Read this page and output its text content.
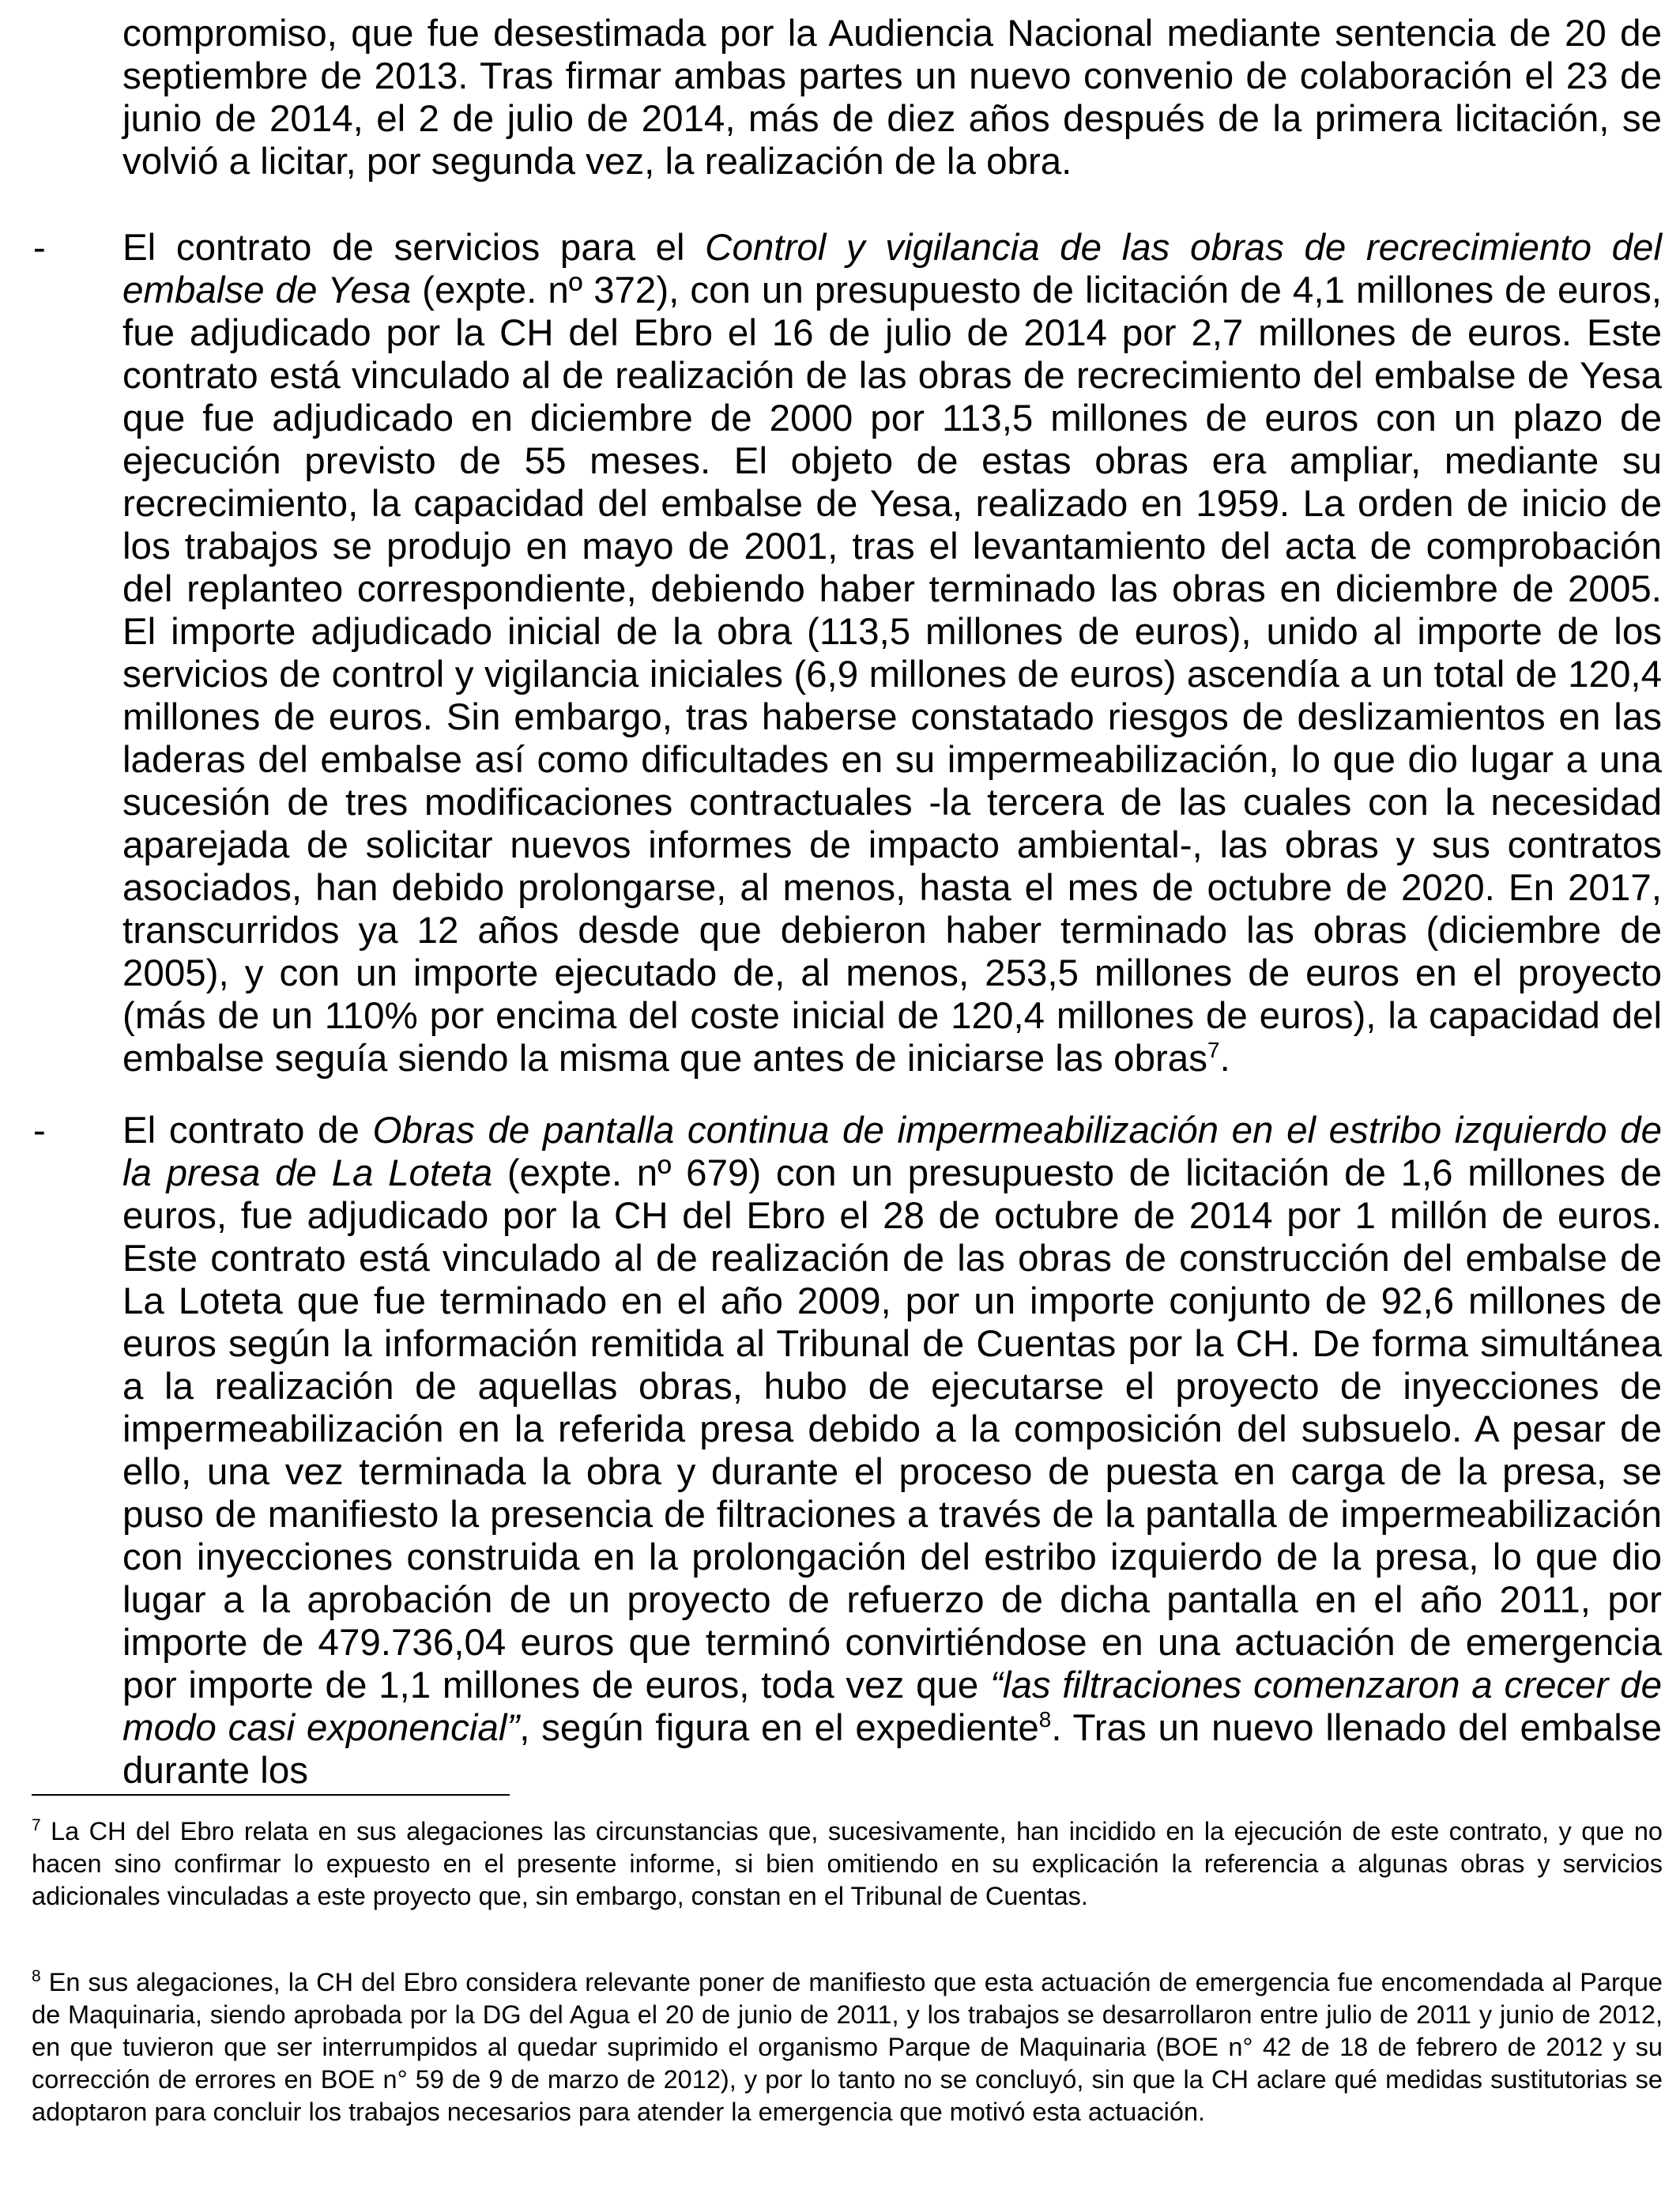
compromiso, que fue desestimada por la Audiencia Nacional mediante sentencia de 20 de septiembre de 2013. Tras firmar ambas partes un nuevo convenio de colaboración el 23 de junio de 2014, el 2 de julio de 2014, más de diez años después de la primera licitación, se volvió a licitar, por segunda vez, la realización de la obra.

- El contrato de servicios para el Control y vigilancia de las obras de recrecimiento del embalse de Yesa (expte. nº 372), con un presupuesto de licitación de 4,1 millones de euros, fue adjudicado por la CH del Ebro el 16 de julio de 2014 por 2,7 millones de euros. Este contrato está vinculado al de realización de las obras de recrecimiento del embalse de Yesa que fue adjudicado en diciembre de 2000 por 113,5 millones de euros con un plazo de ejecución previsto de 55 meses. El objeto de estas obras era ampliar, mediante su recrecimiento, la capacidad del embalse de Yesa, realizado en 1959. La orden de inicio de los trabajos se produjo en mayo de 2001, tras el levantamiento del acta de comprobación del replanteo correspondiente, debiendo haber terminado las obras en diciembre de 2005. El importe adjudicado inicial de la obra (113,5 millones de euros), unido al importe de los servicios de control y vigilancia iniciales (6,9 millones de euros) ascendía a un total de 120,4 millones de euros. Sin embargo, tras haberse constatado riesgos de deslizamientos en las laderas del embalse así como dificultades en su impermeabilización, lo que dio lugar a una sucesión de tres modificaciones contractuales -la tercera de las cuales con la necesidad aparejada de solicitar nuevos informes de impacto ambiental-, las obras y sus contratos asociados, han debido prolongarse, al menos, hasta el mes de octubre de 2020. En 2017, transcurridos ya 12 años desde que debieron haber terminado las obras (diciembre de 2005), y con un importe ejecutado de, al menos, 253,5 millones de euros en el proyecto (más de un 110% por encima del coste inicial de 120,4 millones de euros), la capacidad del embalse seguía siendo la misma que antes de iniciarse las obras$^7$.

- El contrato de Obras de pantalla continua de impermeabilización en el estribo izquierdo de la presa de La Loteta (expte. nº 679) con un presupuesto de licitación de 1,6 millones de euros, fue adjudicado por la CH del Ebro el 28 de octubre de 2014 por 1 millón de euros. Este contrato está vinculado al de realización de las obras de construcción del embalse de La Loteta que fue terminado en el año 2009, por un importe conjunto de 92,6 millones de euros según la información remitida al Tribunal de Cuentas por la CH. De forma simultánea a la realización de aquellas obras, hubo de ejecutarse el proyecto de inyecciones de impermeabilización en la referida presa debido a la composición del subsuelo. A pesar de ello, una vez terminada la obra y durante el proceso de puesta en carga de la presa, se puso de manifiesto la presencia de filtraciones a través de la pantalla de impermeabilización con inyecciones construida en la prolongación del estribo izquierdo de la presa, lo que dio lugar a la aprobación de un proyecto de refuerzo de dicha pantalla en el año 2011, por importe de 479.736,04 euros que terminó convirtiéndose en una actuación de emergencia por importe de 1,1 millones de euros, toda vez que “las filtraciones comenzaron a crecer de modo casi exponencial”, según figura en el expediente$^8$. Tras un nuevo llenado del embalse durante los

$^7$ La CH del Ebro relata en sus alegaciones las circunstancias que, sucesivamente, han incidido en la ejecución de este contrato, y que no hacen sino confirmar lo expuesto en el presente informe, si bien omitiendo en su explicación la referencia a algunas obras y servicios adicionales vinculadas a este proyecto que, sin embargo, constan en el Tribunal de Cuentas.

$^8$ En sus alegaciones, la CH del Ebro considera relevante poner de manifiesto que esta actuación de emergencia fue encomendada al Parque de Maquinaria, siendo aprobada por la DG del Agua el 20 de junio de 2011, y los trabajos se desarrollaron entre julio de 2011 y junio de 2012, en que tuvieron que ser interrumpidos al quedar suprimido el organismo Parque de Maquinaria (BOE n° 42 de 18 de febrero de 2012 y su corrección de errores en BOE n° 59 de 9 de marzo de 2012), y por lo tanto no se concluyó, sin que la CH aclare qué medidas sustitutorias se adoptaron para concluir los trabajos necesarios para atender la emergencia que motivó esta actuación.
